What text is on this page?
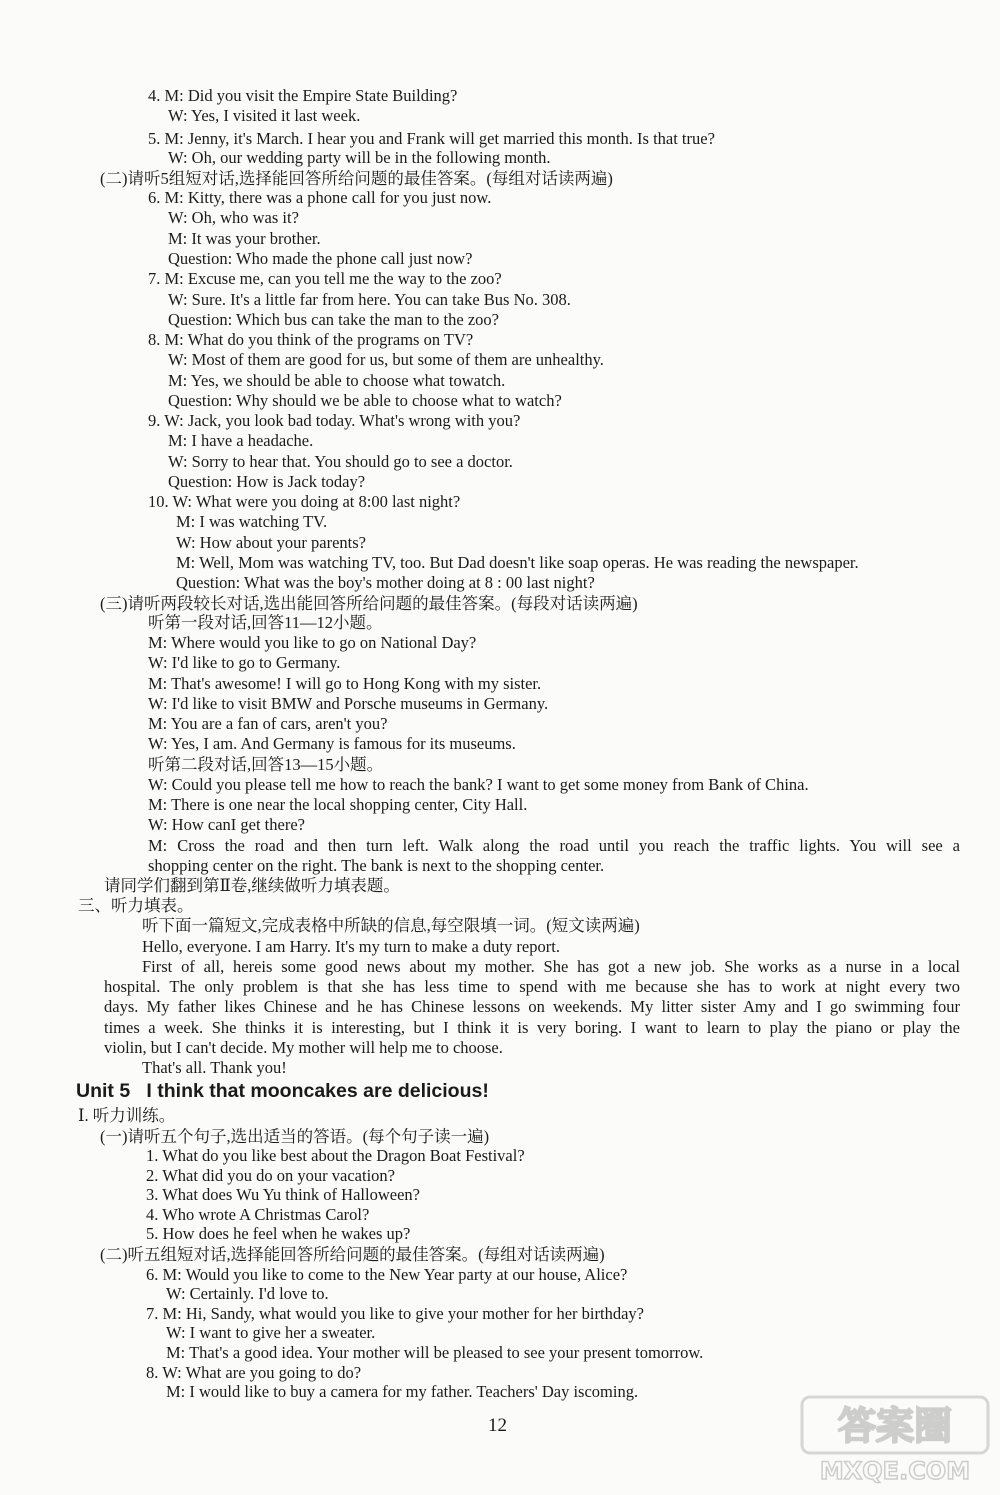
4. M: Did you visit the Empire State Building?
W: Yes, I visited it last week.
5. M: Jenny, it's March. I hear you and Frank will get married this month. Is that true?
W: Oh, our wedding party will be in the following month.
(二)请听5组短对话,选择能回答所给问题的最佳答案。(每组对话读两遍)
6. M: Kitty, there was a phone call for you just now.
W: Oh, who was it?
M: It was your brother.
Question: Who made the phone call just now?
7. M: Excuse me, can you tell me the way to the zoo?
W: Sure. It's a little far from here. You can take Bus No. 308.
Question: Which bus can take the man to the zoo?
8. M: What do you think of the programs on TV?
W: Most of them are good for us, but some of them are unhealthy.
M: Yes, we should be able to choose what towatch.
Question: Why should we be able to choose what to watch?
9. W: Jack, you look bad today. What's wrong with you?
M: I have a headache.
W: Sorry to hear that. You should go to see a doctor.
Question: How is Jack today?
10. W: What were you doing at 8:00 last night?
M: I was watching TV.
W: How about your parents?
M: Well, Mom was watching TV, too. But Dad doesn't like soap operas. He was reading the newspaper.
Question: What was the boy's mother doing at 8 : 00 last night?
(三)请听两段较长对话,选出能回答所给问题的最佳答案。(每段对话读两遍)
听第一段对话,回答11—12小题。
M: Where would you like to go on National Day?
W: I'd like to go to Germany.
M: That's awesome! I will go to Hong Kong with my sister.
W: I'd like to visit BMW and Porsche museums in Germany.
M: You are a fan of cars, aren't you?
W: Yes, I am. And Germany is famous for its museums.
听第二段对话,回答13—15小题。
W: Could you please tell me how to reach the bank? I want to get some money from Bank of China.
M: There is one near the local shopping center, City Hall.
W: How canI get there?
M: Cross the road and then turn left. Walk along the road until you reach the traffic lights. You will see a
shopping center on the right. The bank is next to the shopping center.
请同学们翻到第Ⅱ卷,继续做听力填表题。
三、听力填表。
听下面一篇短文,完成表格中所缺的信息,每空限填一词。(短文读两遍)
Hello, everyone. I am Harry. It's my turn to make a duty report.
First of all, hereis some good news about my mother. She has got a new job. She works as a nurse in a local
hospital. The only problem is that she has less time to spend with me because she has to work at night every two
days. My father likes Chinese and he has Chinese lessons on weekends. My litter sister Amy and I go swimming four
times a week. She thinks it is interesting, but I think it is very boring. I want to learn to play the piano or play the
violin, but I can't decide. My mother will help me to choose.
That's all. Thank you!
Unit 5   I think that mooncakes are delicious!
Ⅰ. 听力训练。
(一)请听五个句子,选出适当的答语。(每个句子读一遍)
1. What do you like best about the Dragon Boat Festival?
2. What did you do on your vacation?
3. What does Wu Yu think of Halloween?
4. Who wrote A Christmas Carol?
5. How does he feel when he wakes up?
(二)听五组短对话,选择能回答所给问题的最佳答案。(每组对话读两遍)
6. M: Would you like to come to the New Year party at our house, Alice?
W: Certainly. I'd love to.
7. M: Hi, Sandy, what would you like to give your mother for her birthday?
W: I want to give her a sweater.
M: That's a good idea. Your mother will be pleased to see your present tomorrow.
8. W: What are you going to do?
M: I would like to buy a camera for my father. Teachers' Day iscoming.
12	答案圈
MXQE.COM
